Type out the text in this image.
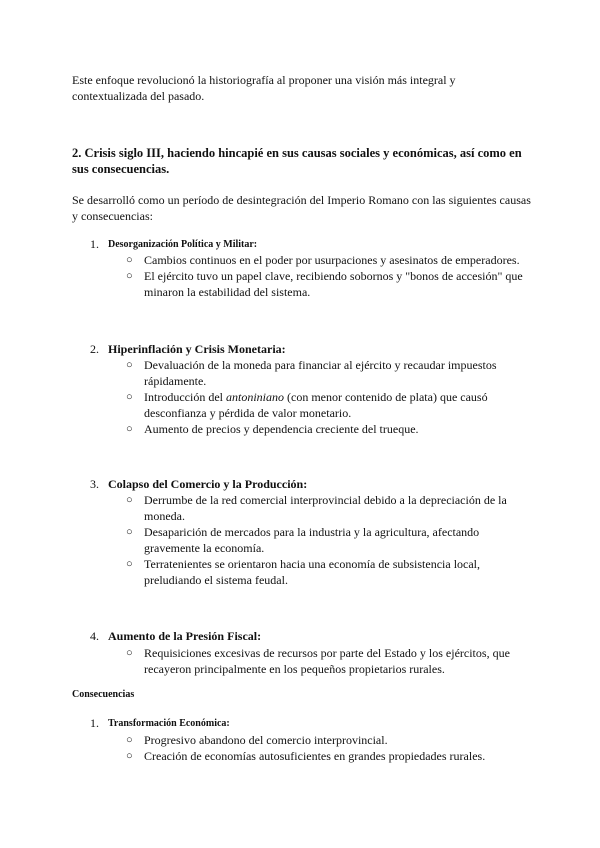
Este enfoque revolucionó la historiografía al proponer una visión más integral y contextualizada del pasado.
2. Crisis siglo III, haciendo hincapié en sus causas sociales y económicas, así como en sus consecuencias.
Se desarrolló como un período de desintegración del Imperio Romano con las siguientes causas y consecuencias:
1. Desorganización Política y Militar:
○ Cambios continuos en el poder por usurpaciones y asesinatos de emperadores.
○ El ejército tuvo un papel clave, recibiendo sobornos y "bonos de accesión" que minaron la estabilidad del sistema.
2. Hiperinflación y Crisis Monetaria:
○ Devaluación de la moneda para financiar al ejército y recaudar impuestos rápidamente.
○ Introducción del antoniniano (con menor contenido de plata) que causó desconfianza y pérdida de valor monetario.
○ Aumento de precios y dependencia creciente del trueque.
3. Colapso del Comercio y la Producción:
○ Derrumbe de la red comercial interprovincial debido a la depreciación de la moneda.
○ Desaparición de mercados para la industria y la agricultura, afectando gravemente la economía.
○ Terratenientes se orientaron hacia una economía de subsistencia local, preludiando el sistema feudal.
4. Aumento de la Presión Fiscal:
○ Requisiciones excesivas de recursos por parte del Estado y los ejércitos, que recayeron principalmente en los pequeños propietarios rurales.
Consecuencias
1. Transformación Económica:
○ Progresivo abandono del comercio interprovincial.
○ Creación de economías autosuficientes en grandes propiedades rurales.
